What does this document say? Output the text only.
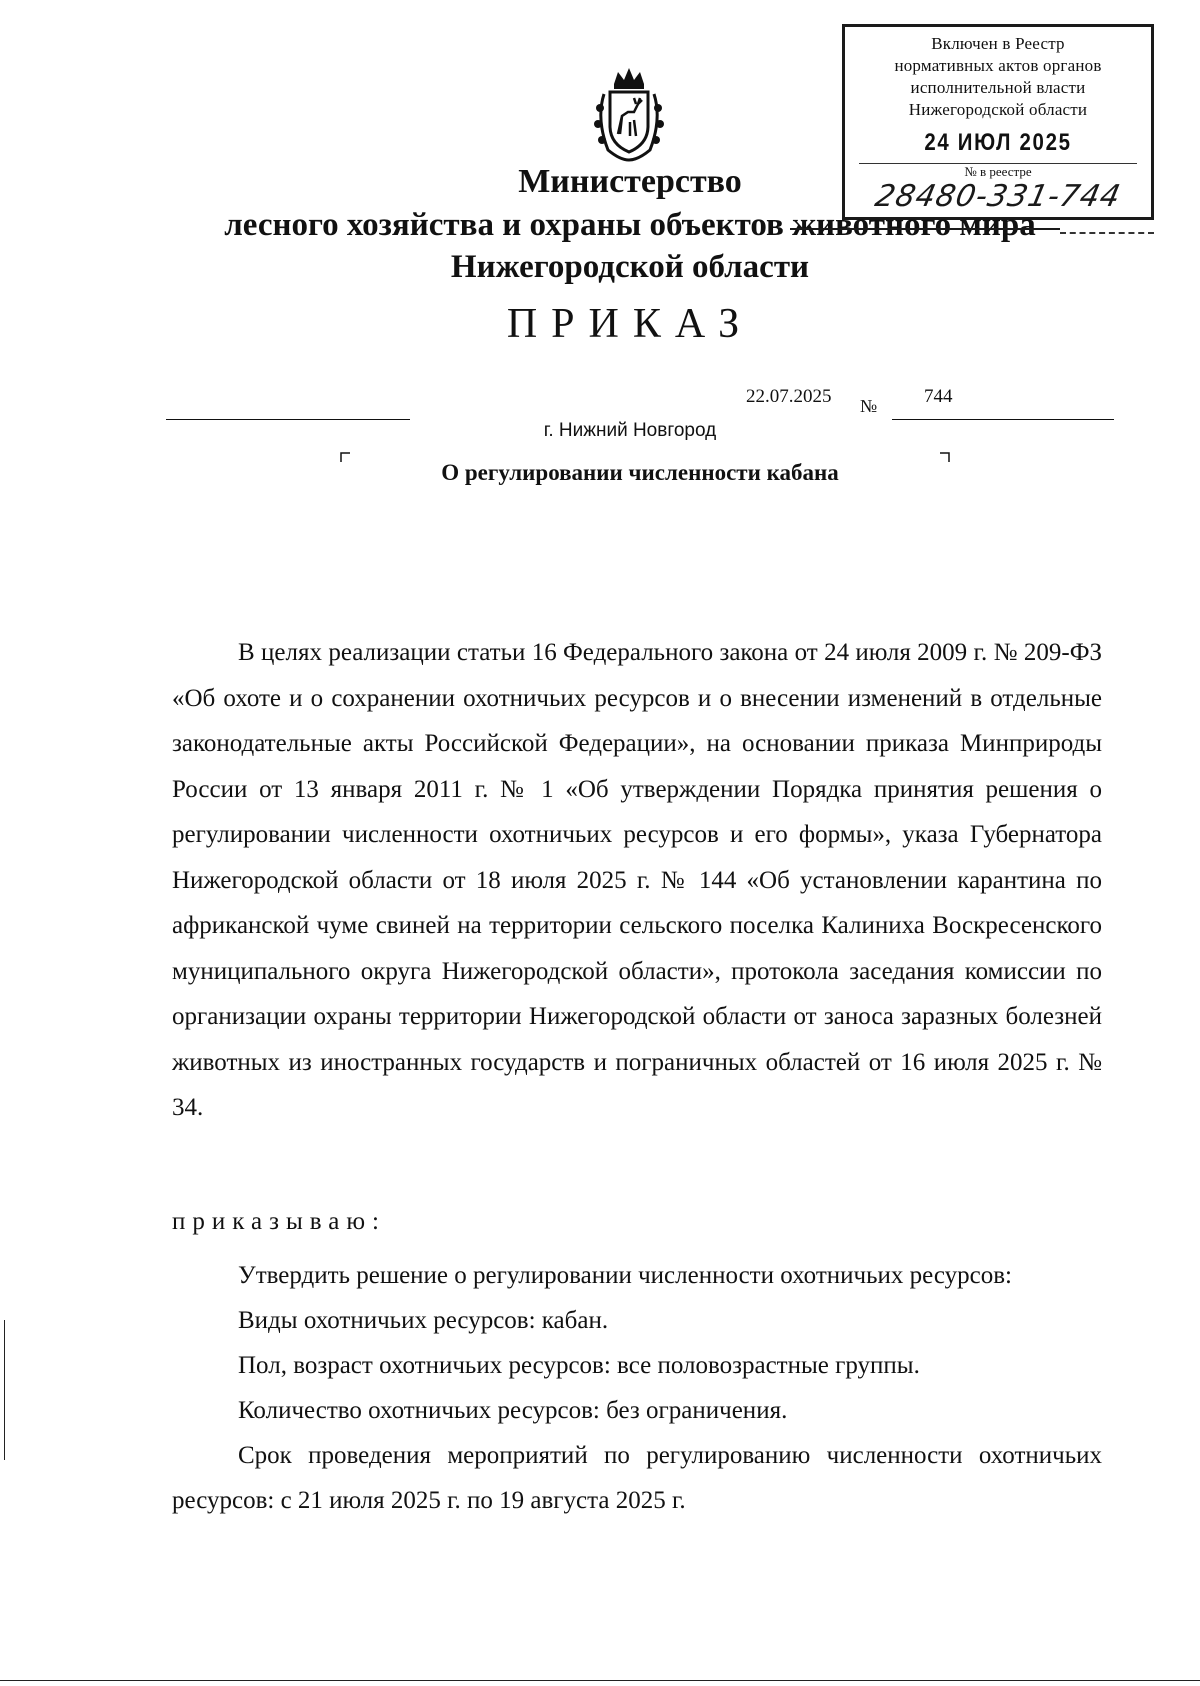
Включен в Реестр
нормативных актов органов
исполнительной власти
Нижегородской области
24 ИЮЛ 2025
№ в реестре
28480-331-744
Министерство
лесного хозяйства и охраны объектов животного мира
Нижегородской области
ПРИКАЗ
22.07.2025 № 744
г. Нижний Новгород
О регулировании численности кабана
В целях реализации статьи 16 Федерального закона от 24 июля 2009 г. № 209-ФЗ «Об охоте и о сохранении охотничьих ресурсов и о внесении изменений в отдельные законодательные акты Российской Федерации», на основании приказа Минприроды России от 13 января 2011 г. № 1 «Об утверждении Порядка принятия решения о регулировании численности охотничьих ресурсов и его формы», указа Губернатора Нижегородской области от 18 июля 2025 г. № 144 «Об установлении карантина по африканской чуме свиней на территории сельского поселка Калиниха Воскресенского муниципального округа Нижегородской области», протокола заседания комиссии по организации охраны территории Нижегородской области от заноса заразных болезней животных из иностранных государств и пограничных областей от 16 июля 2025 г. № 34.
приказываю:
Утвердить решение о регулировании численности охотничьих ресурсов:
Виды охотничьих ресурсов: кабан.
Пол, возраст охотничьих ресурсов: все половозрастные группы.
Количество охотничьих ресурсов: без ограничения.
Срок проведения мероприятий по регулированию численности охотничьих ресурсов: с 21 июля 2025 г. по 19 августа 2025 г.
